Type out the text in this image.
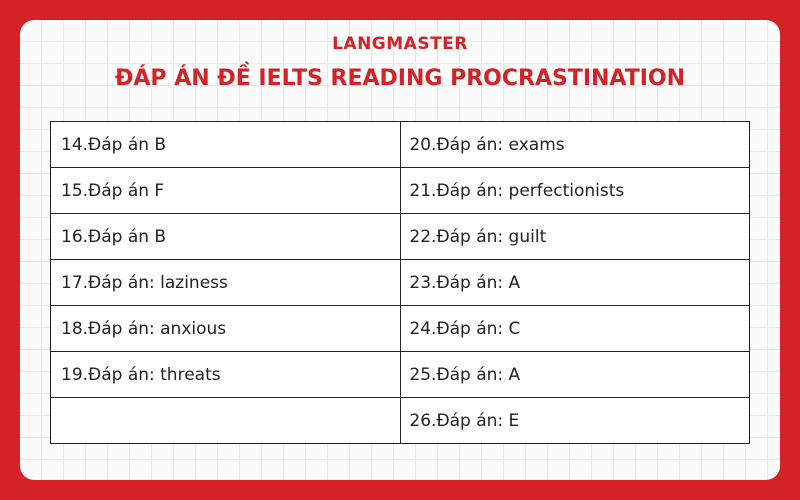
LANGMASTER
ĐÁP ÁN ĐỀ IELTS READING PROCRASTINATION
14.Đáp án B	20.Đáp án: exams
15.Đáp án F	21.Đáp án: perfectionists
16.Đáp án B	22.Đáp án: guilt
17.Đáp án: laziness	23.Đáp án: A
18.Đáp án: anxious	24.Đáp án: C
19.Đáp án: threats	25.Đáp án: A
	26.Đáp án: E
